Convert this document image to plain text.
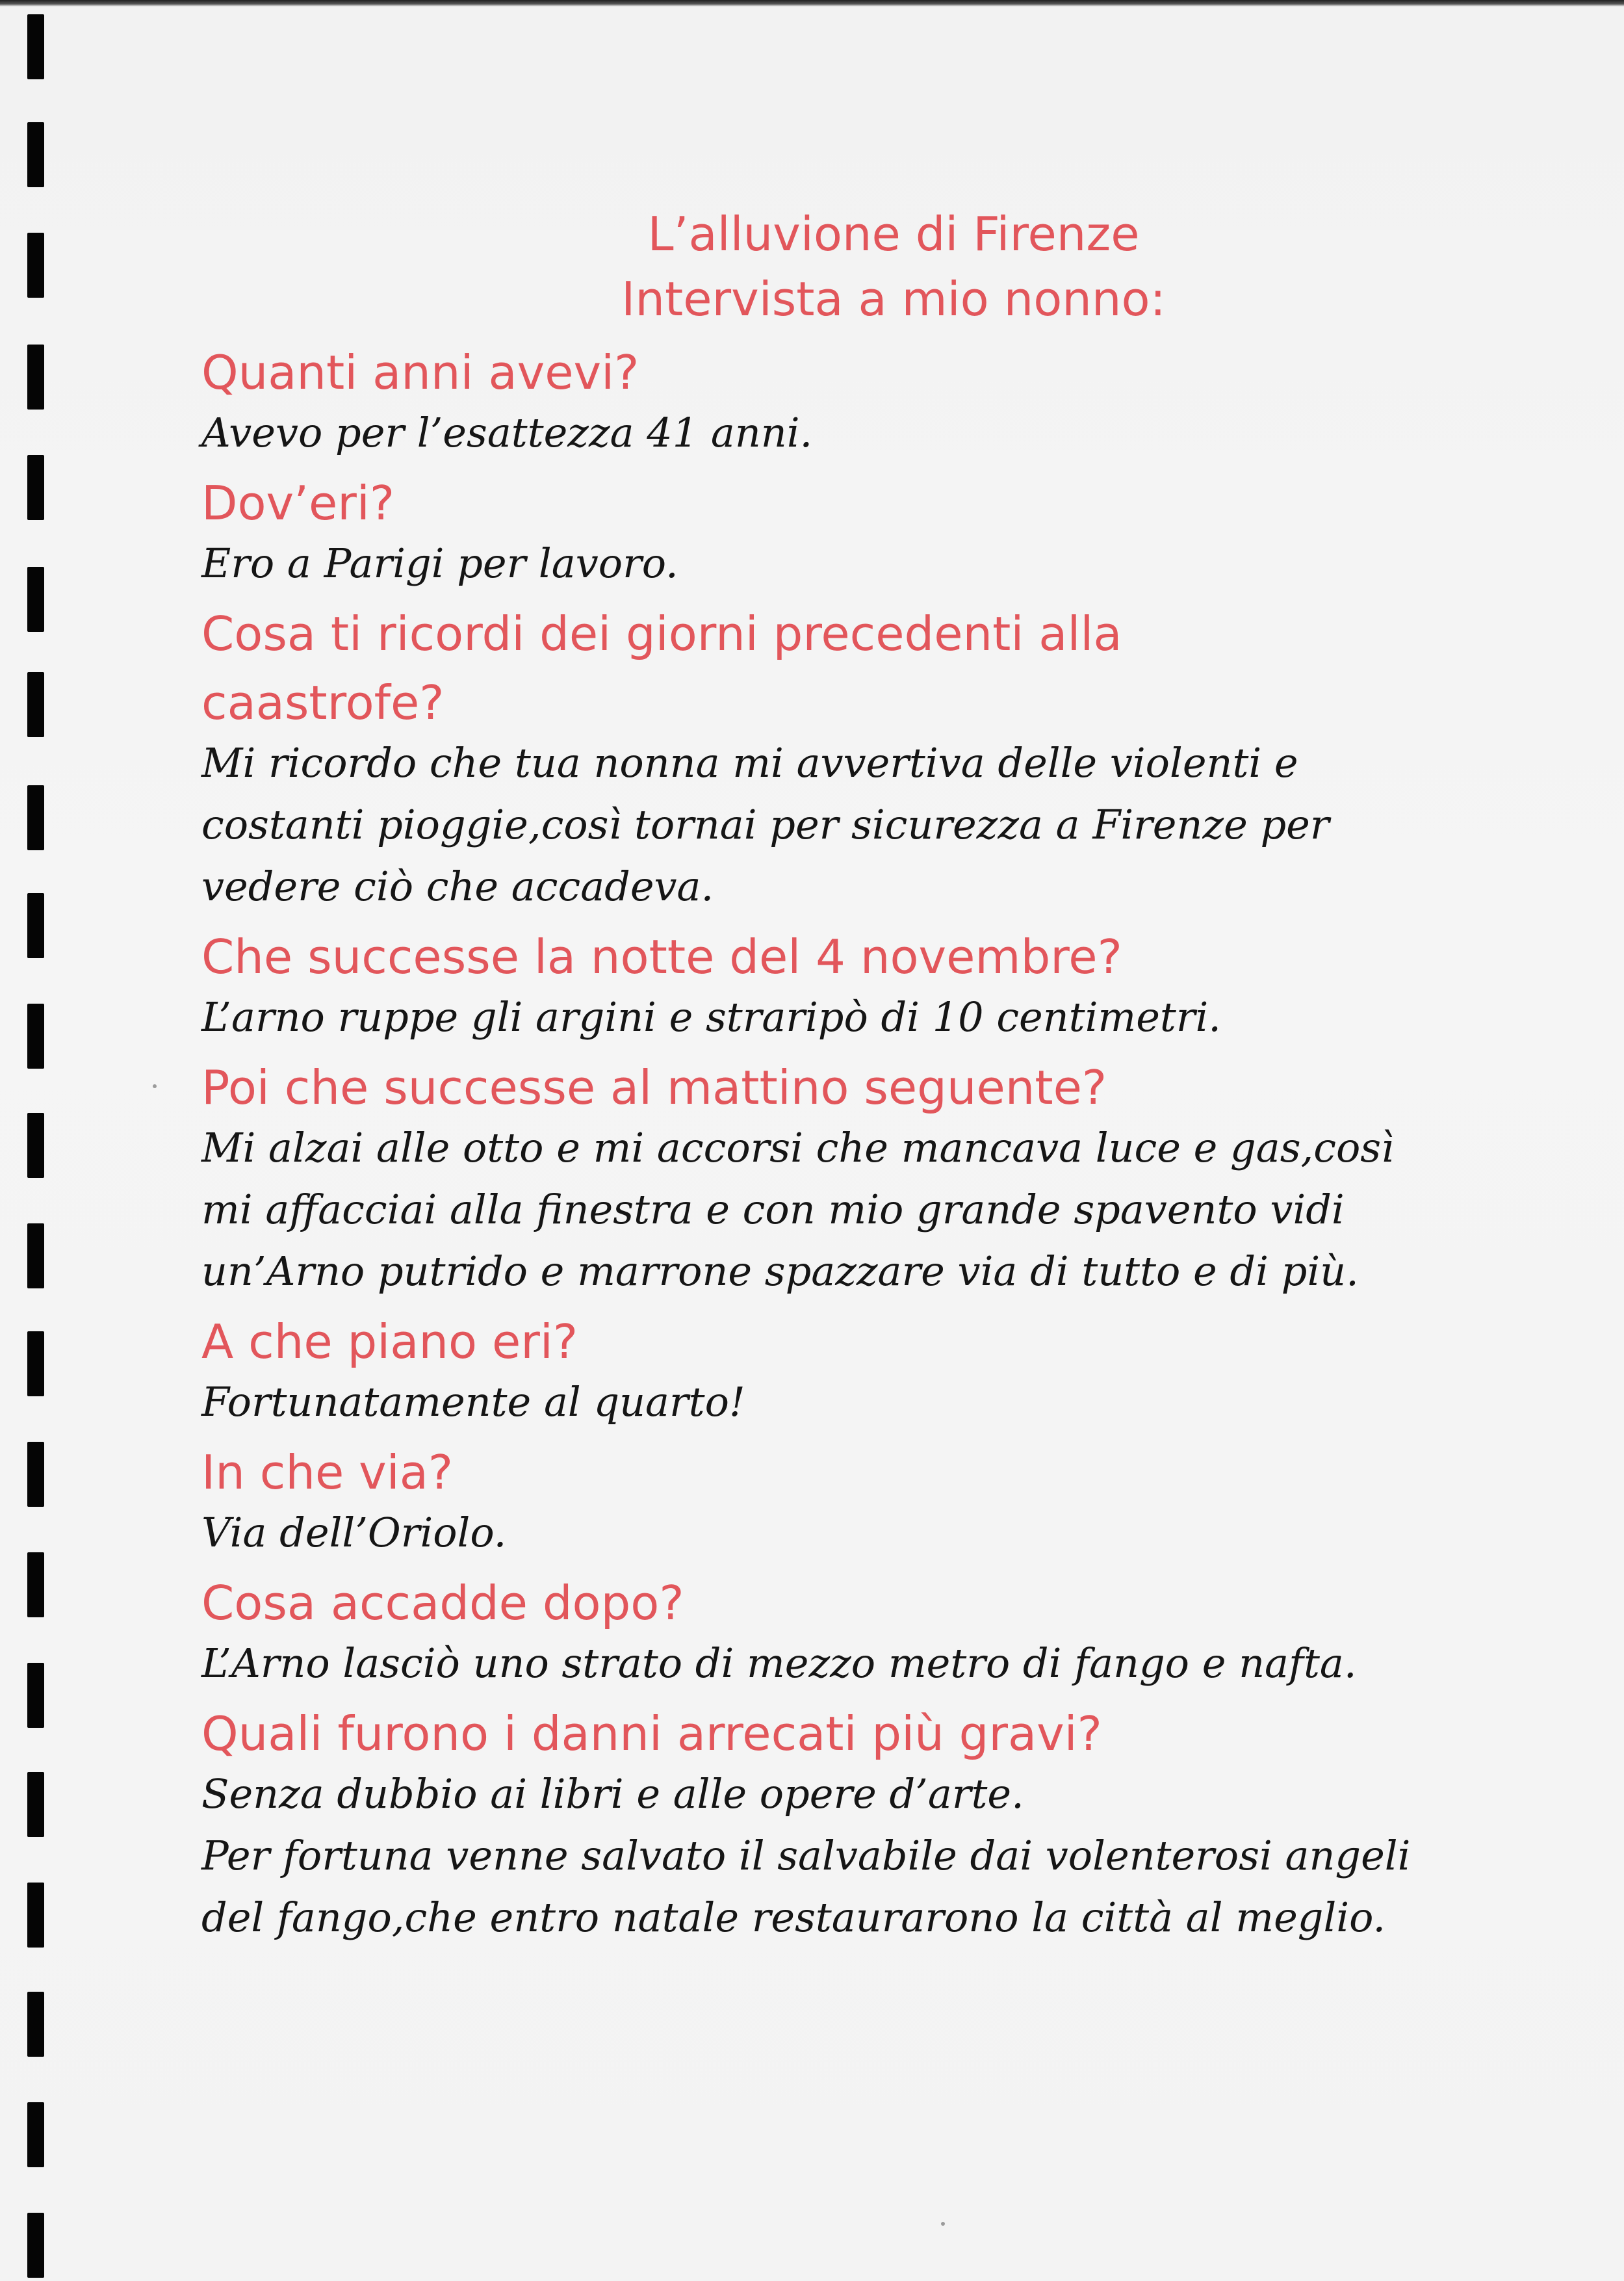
L’alluvione di Firenze
Intervista a mio nonno:
Quanti anni avevi?
Avevo per l’esattezza 41 anni.
Dov’eri?
Ero a Parigi per lavoro.
Cosa ti ricordi dei giorni precedenti alla caastrofe?
Mi ricordo che tua nonna mi avvertiva delle violenti e costanti pioggie,così tornai per sicurezza a Firenze per vedere ciò che accadeva.
Che successe la notte del 4 novembre?
L’arno ruppe gli argini e straripò di 10 centimetri.
Poi che successe al mattino seguente?
Mi alzai alle otto e mi accorsi che mancava luce e gas,così mi affacciai alla finestra e con mio grande spavento vidi un’Arno putrido e marrone spazzare via di tutto e di più.
A che piano eri?
Fortunatamente al quarto!
In che via?
Via dell’Oriolo.
Cosa accadde dopo?
L’Arno lasciò uno strato di mezzo metro di fango e nafta.
Quali furono i danni arrecati più gravi?
Senza dubbio ai libri e alle opere d’arte.
Per fortuna venne salvato il salvabile dai volenterosi angeli del fango,che entro natale restaurarono la città al meglio.
